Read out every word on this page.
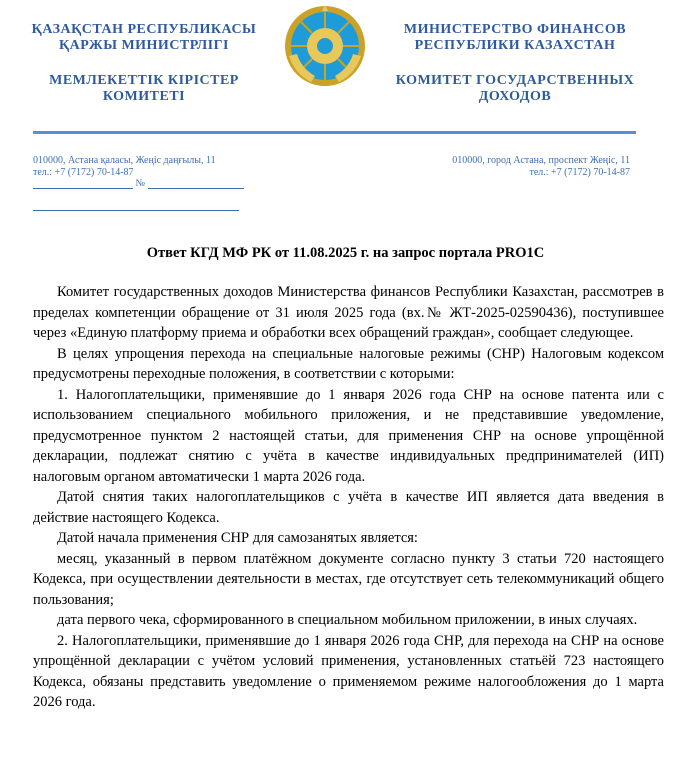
ҚАЗАҚСТАН РЕСПУБЛИКАСЫ
ҚАРЖЫ МИНИСТРЛІГІ
МЕМЛЕКЕТТІК КІРІСТЕР
КОМИТЕТІ
МИНИСТЕРСТВО ФИНАНСОВ
РЕСПУБЛИКИ КАЗАХСТАН
КОМИТЕТ ГОСУДАРСТВЕННЫХ
ДОХОДОВ
010000, Астана қаласы, Жеңіс даңғылы, 11
тел.: +7 (7172) 70-14-87
010000, город Астана, проспект Жеңіс, 11
тел.: +7 (7172) 70-14-87
№
Ответ КГД МФ РК от 11.08.2025 г. на запрос портала PRO1C

Комитет государственных доходов Министерства финансов Республики Казахстан, рассмотрев в пределах компетенции обращение от 31 июля 2025 года (вх.№ ЖТ-2025-02590436), поступившее через «Единую платформу приема и обработки всех обращений граждан», сообщает следующее.

В целях упрощения перехода на специальные налоговые режимы (СНР) Налоговым кодексом предусмотрены переходные положения, в соответствии с которыми:

1. Налогоплательщики, применявшие до 1 января 2026 года СНР на основе патента или с использованием специального мобильного приложения, и не представившие уведомление, предусмотренное пунктом 2 настоящей статьи, для применения СНР на основе упрощённой декларации, подлежат снятию с учёта в качестве индивидуальных предпринимателей (ИП) налоговым органом автоматически 1 марта 2026 года.

Датой снятия таких налогоплательщиков с учёта в качестве ИП является дата введения в действие настоящего Кодекса.

Датой начала применения СНР для самозанятых является:

месяц, указанный в первом платёжном документе согласно пункту 3 статьи 720 настоящего Кодекса, при осуществлении деятельности в местах, где отсутствует сеть телекоммуникаций общего пользования;

дата первого чека, сформированного в специальном мобильном приложении, в иных случаях.

2. Налогоплательщики, применявшие до 1 января 2026 года СНР, для перехода на СНР на основе упрощённой декларации с учётом условий применения, установленных статьёй 723 настоящего Кодекса, обязаны представить уведомление о применяемом режиме налогообложения до 1 марта 2026 года.
